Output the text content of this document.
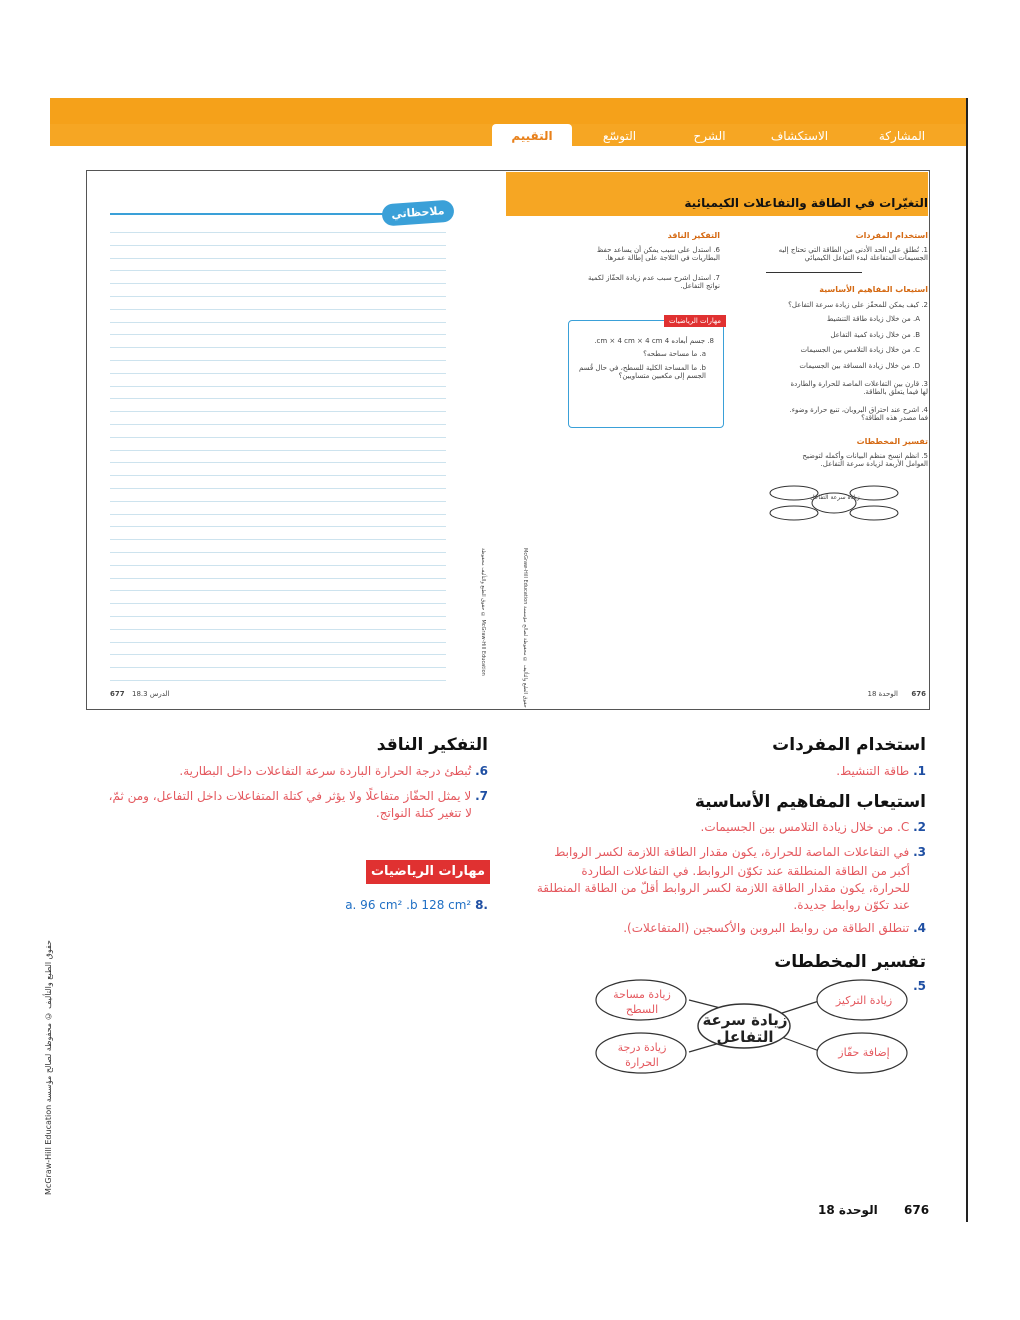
المشاركة
الاستكشاف
الشرح
التوسّع
التقييم
التغيّرات في الطاقة والتفاعلات الكيميائية
ملاحظاتي
استخدام المفردات
1. تُطلق على الحد الأدنى من الطاقة التي تحتاج إليه الجسيمات المتفاعلة لبدء التفاعل الكيميائي
استيعاب المفاهيم الأساسية
2. كيف يمكن للمحفّز على زيادة سرعة التفاعل؟
A. من خلال زيادة طاقة التنشيط
B. من خلال زيادة كمية التفاعل
C. من خلال زيادة التلامس بين الجسيمات
D. من خلال زيادة المسافة بين الجسيمات
3. قارن بين التفاعلات الماصة للحرارة والطاردة لها فيما يتعلق بالطاقة.
4. اشرح عند احتراق البروبان، تنبع حرارة وضوء. فما مصدر هذه الطاقة؟
تفسير المخططات
5. انظم انسخ منظم البيانات وأكمله لتوضيح العوامل الأربعة لزيادة سرعة التفاعل.
زيادة سرعة التفاعل
التفكير الناقد
6. استدل على سبب يمكن أن يساعد حفظ البطاريات في الثلاجة على إطالة عمرها.
7. استدل اشرح سبب عدم زيادة الحفّاز لكمية نواتج التفاعل.
مهارات الرياضيات
8. جسم أبعاده 4 cm × 4 cm × 4 cm.
a. ما مساحة سطحه؟
b. ما المساحة الكلية للسطح، في حال قُسم الجسم إلى مكعبين متساويين؟
McGraw-Hill Education © حقوق الطبع والتأليف محفوظة
حقوق الطبع والتأليف © محفوظة لصالح مؤسسة McGraw-Hill Education
677 الدرس 18.3	676
الوحدة 18
استخدام المفردات
1. طاقة التنشيط.
استيعاب المفاهيم الأساسية
2. C. من خلال زيادة التلامس بين الجسيمات.
3. في التفاعلات الماصة للحرارة، يكون مقدار الطاقة اللازمة لكسر الروابط
أكبر من الطاقة المنطلقة عند تكوّن الروابط. في التفاعلات الطاردة
للحرارة، يكون مقدار الطاقة اللازمة لكسر الروابط أقلّ من الطاقة المنطلقة
عند تكوّن روابط جديدة.
4. تنطلق الطاقة من روابط البروبن والأكسجين (المتفاعلات).
تفسير المخططات
5.
زيادة سرعة التفاعل
زيادة مساحة السطح
زيادة التركيز
زيادة درجة الحرارة
إضافة حفّاز
التفكير الناقد
6. تُبطئ درجة الحرارة الباردة سرعة التفاعلات داخل البطارية.
7. لا يمثل الحفّاز متفاعلًا ولا يؤثر في كتلة المتفاعلات داخل التفاعل، ومن ثمّ،
لا تتغير كتلة النواتج.
مهارات الرياضيات
a. 96 cm² .b 128 cm² 8.
حقوق الطبع والتأليف © محفوظة لصالح مؤسسة McGraw-Hill Education
676
الوحدة 18
